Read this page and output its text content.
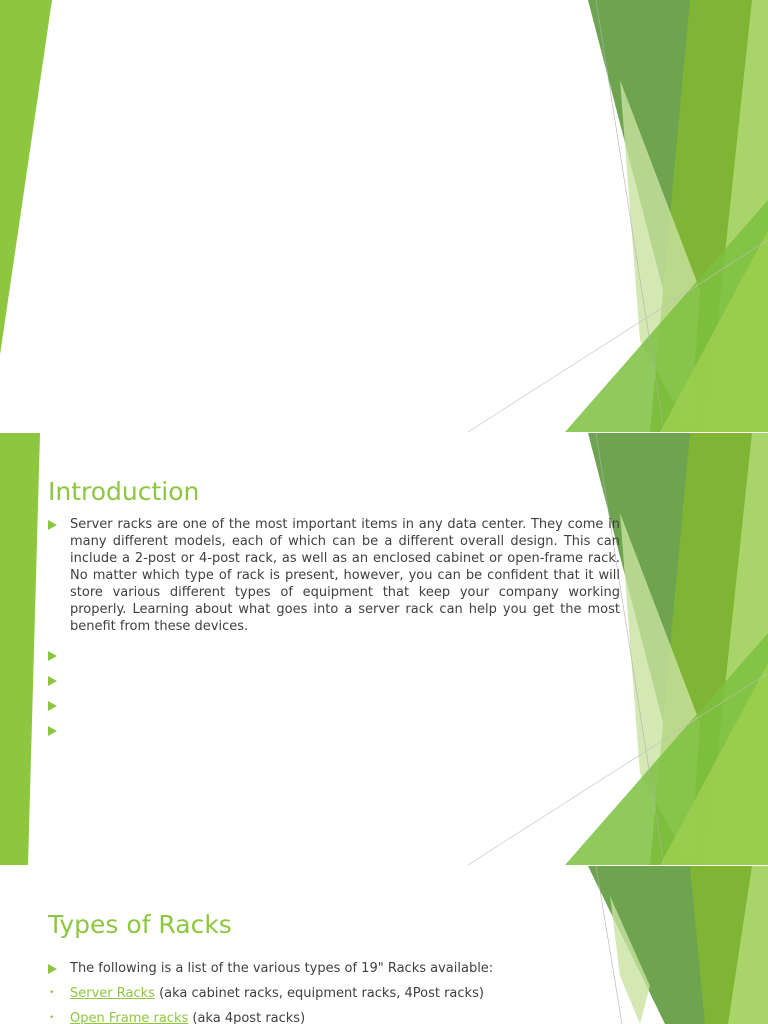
Introduction
Server racks are one of the most important items in any data center. They come in many different models, each of which can be a different overall design. This can include a 2-post or 4-post rack, as well as an enclosed cabinet or open-frame rack. No matter which type of rack is present, however, you can be confident that it will store various different types of equipment that keep your company working properly. Learning about what goes into a server rack can help you get the most benefit from these devices.
Types of Racks
The following is a list of the various types of 19" Racks available:
• Server Racks (aka cabinet racks, equipment racks, 4Post racks)
• Open Frame racks (aka 4post racks)
